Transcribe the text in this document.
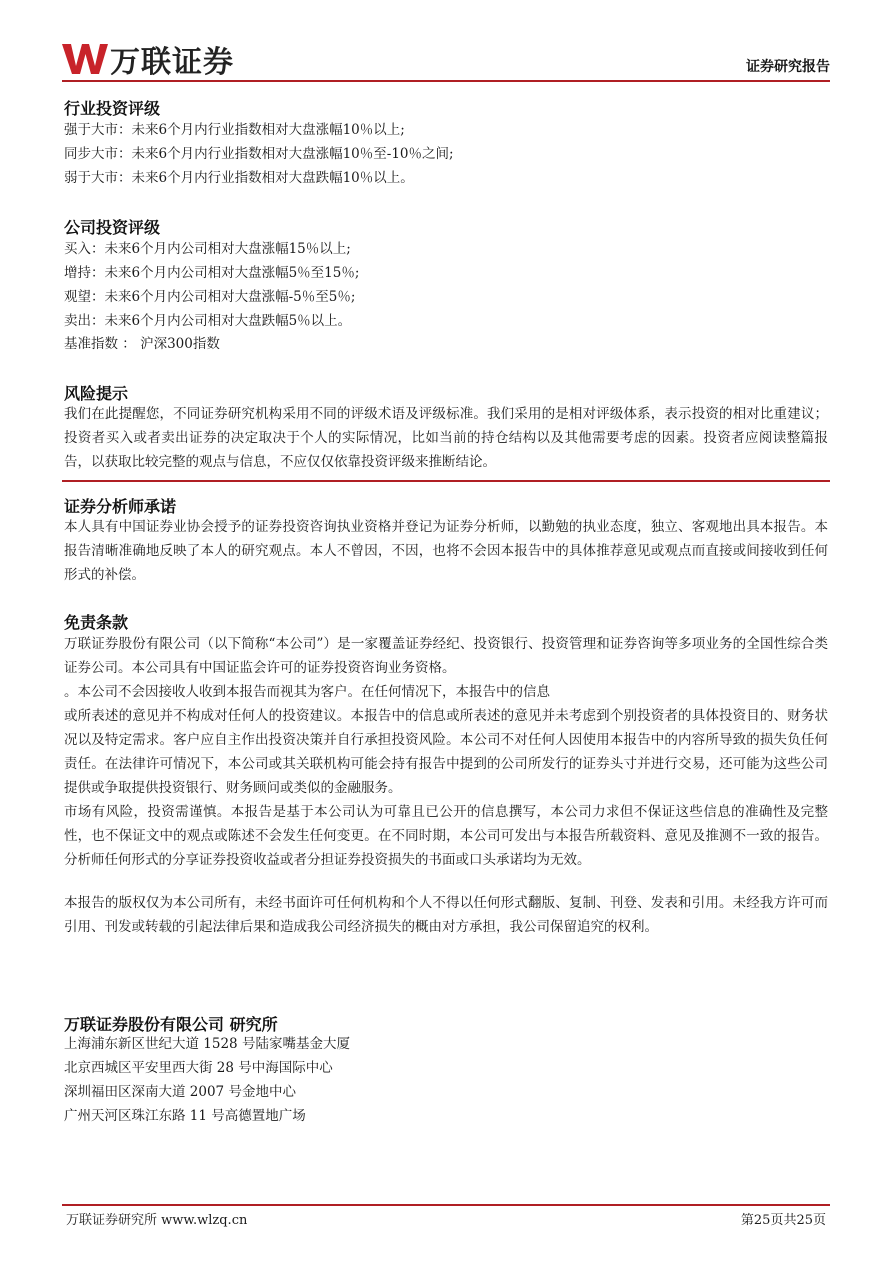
万联证券	证券研究报告
行业投资评级
强于大市：未来6个月内行业指数相对大盘涨幅10％以上;
同步大市：未来6个月内行业指数相对大盘涨幅10％至-10％之间;
弱于大市：未来6个月内行业指数相对大盘跌幅10％以上。
公司投资评级
买入：未来6个月内公司相对大盘涨幅15％以上;
增持：未来6个月内公司相对大盘涨幅5％至15％;
观望：未来6个月内公司相对大盘涨幅-5％至5％;
卖出：未来6个月内公司相对大盘跌幅5％以上。
基准指数 ： 沪深300指数
风险提示
我们在此提醒您，不同证券研究机构采用不同的评级术语及评级标准。我们采用的是相对评级体系，表示投资的相对比重建议；投资者买入或者卖出证券的决定取决于个人的实际情况，比如当前的持仓结构以及其他需要考虑的因素。投资者应阅读整篇报告，以获取比较完整的观点与信息，不应仅仅依靠投资评级来推断结论。
证券分析师承诺
本人具有中国证券业协会授予的证券投资咨询执业资格并登记为证券分析师，以勤勉的执业态度，独立、客观地出具本报告。本报告清晰准确地反映了本人的研究观点。本人不曾因，不因，也将不会因本报告中的具体推荐意见或观点而直接或间接收到任何形式的补偿。
免责条款
万联证券股份有限公司（以下简称“本公司”）是一家覆盖证券经纪、投资银行、投资管理和证券咨询等多项业务的全国性综合类证券公司。本公司具有中国证监会许可的证券投资咨询业务资格。
。本公司不会因接收人收到本报告而视其为客户。在任何情况下，本报告中的信息
或所表述的意见并不构成对任何人的投资建议。本报告中的信息或所表述的意见并未考虑到个别投资者的具体投资目的、财务状况以及特定需求。客户应自主作出投资决策并自行承担投资风险。本公司不对任何人因使用本报告中的内容所导致的损失负任何责任。在法律许可情况下，本公司或其关联机构可能会持有报告中提到的公司所发行的证券头寸并进行交易，还可能为这些公司提供或争取提供投资银行、财务顾问或类似的金融服务。
市场有风险，投资需谨慎。本报告是基于本公司认为可靠且已公开的信息撰写，本公司力求但不保证这些信息的准确性及完整性，也不保证文中的观点或陈述不会发生任何变更。在不同时期，本公司可发出与本报告所载资料、意见及推测不一致的报告。分析师任何形式的分享证券投资收益或者分担证券投资损失的书面或口头承诺均为无效。
本报告的版权仅为本公司所有，未经书面许可任何机构和个人不得以任何形式翻版、复制、刊登、发表和引用。未经我方许可而引用、刊发或转载的引起法律后果和造成我公司经济损失的概由对方承担，我公司保留追究的权利。
万联证券股份有限公司 研究所
上海浦东新区世纪大道 1528 号陆家嘴基金大厦
北京西城区平安里西大街 28 号中海国际中心
深圳福田区深南大道 2007 号金地中心
广州天河区珠江东路 11 号高德置地广场
万联证券研究所 www.wlzq.cn	第25页共25页
